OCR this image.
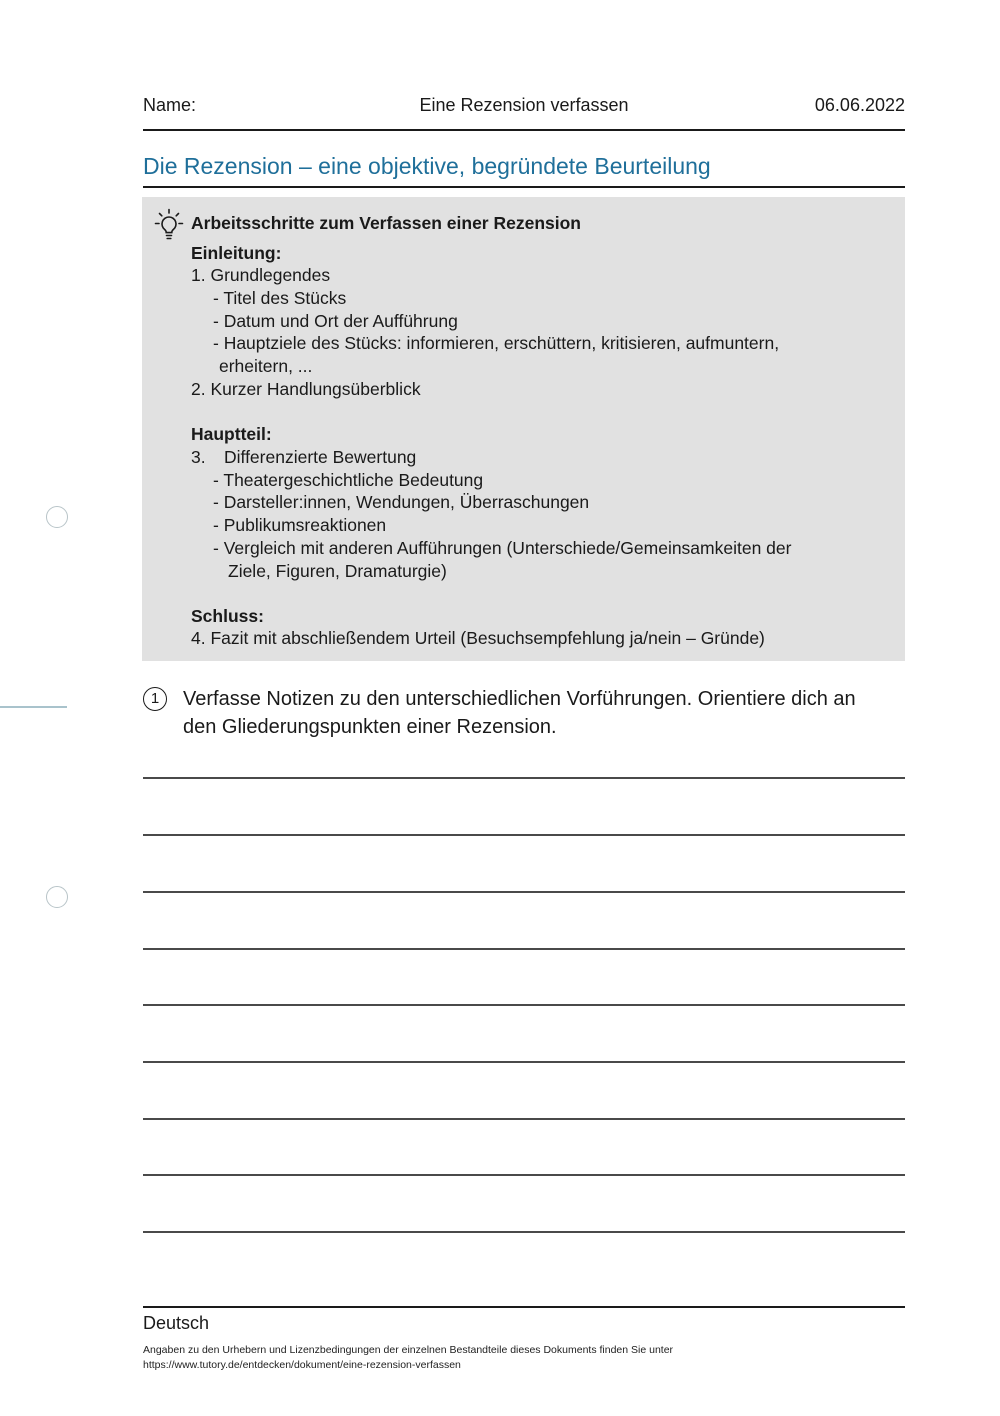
Name:	Eine Rezension verfassen	06.06.2022
Die Rezension – eine objektive, begründete Beurteilung
Arbeitsschritte zum Verfassen einer Rezension
Einleitung:
1. Grundlegendes
- Titel des Stücks
- Datum und Ort der Aufführung
- Hauptziele des Stücks: informieren, erschüttern, kritisieren, aufmuntern,
erheitern, ...
2. Kurzer Handlungsüberblick
Hauptteil:
3. Differenzierte Bewertung
- Theatergeschichtliche Bedeutung
- Darsteller:innen, Wendungen, Überraschungen
- Publikumsreaktionen
- Vergleich mit anderen Aufführungen (Unterschiede/Gemeinsamkeiten der
Ziele, Figuren, Dramaturgie)
Schluss:
4. Fazit mit abschließendem Urteil (Besuchsempfehlung ja/nein – Gründe)
1	Verfasse Notizen zu den unterschiedlichen Vorführungen. Orientiere dich an
den Gliederungspunkten einer Rezension.
Deutsch
Angaben zu den Urhebern und Lizenzbedingungen der einzelnen Bestandteile dieses Dokuments finden Sie unter
https://www.tutory.de/entdecken/dokument/eine-rezension-verfassen
